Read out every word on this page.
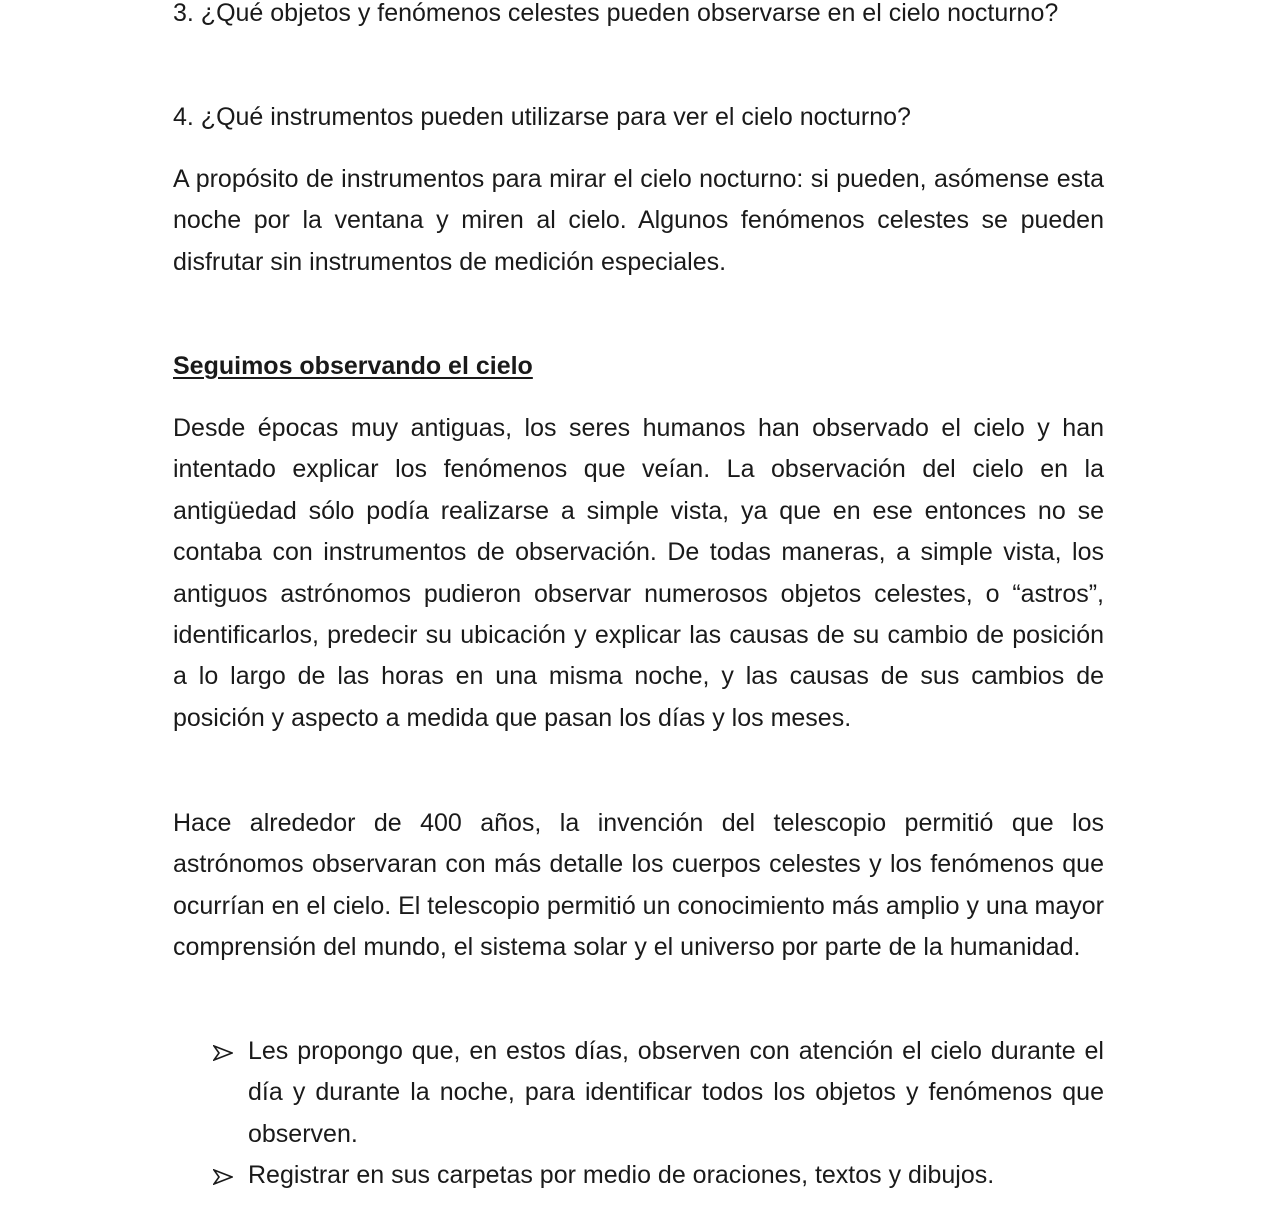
3. ¿Qué objetos y fenómenos celestes pueden observarse en el cielo nocturno?

4. ¿Qué instrumentos pueden utilizarse para ver el cielo nocturno?

A propósito de instrumentos para mirar el cielo nocturno: si pueden, asómense esta noche por la ventana y miren al cielo. Algunos fenómenos celestes se pueden disfrutar sin instrumentos de medición especiales.

Seguimos observando el cielo

Desde épocas muy antiguas, los seres humanos han observado el cielo y han intentado explicar los fenómenos que veían. La observación del cielo en la antigüedad sólo podía realizarse a simple vista, ya que en ese entonces no se contaba con instrumentos de observación. De todas maneras, a simple vista, los antiguos astrónomos pudieron observar numerosos objetos celestes, o “astros”, identificarlos, predecir su ubicación y explicar las causas de su cambio de posición a lo largo de las horas en una misma noche, y las causas de sus cambios de posición y aspecto a medida que pasan los días y los meses.

Hace alrededor de 400 años, la invención del telescopio permitió que los astrónomos observaran con más detalle los cuerpos celestes y los fenómenos que ocurrían en el cielo. El telescopio permitió un conocimiento más amplio y una mayor comprensión del mundo, el sistema solar y el universo por parte de la humanidad.

Les propongo que, en estos días, observen con atención el cielo durante el día y durante la noche, para identificar todos los objetos y fenómenos que observen.
Registrar en sus carpetas por medio de oraciones, textos y dibujos.
